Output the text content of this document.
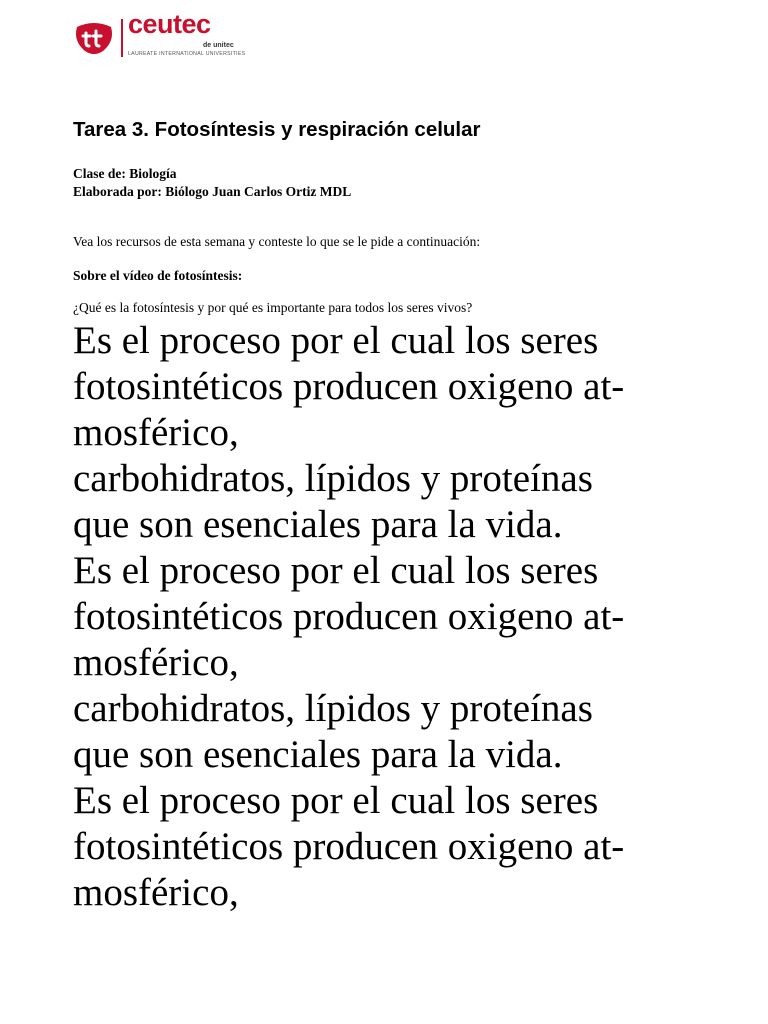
ceutec
de unitec
LAUREATE INTERNATIONAL UNIVERSITIES
Tarea 3. Fotosíntesis y respiración celular
Clase de: Biología
Elaborada por: Biólogo Juan Carlos Ortiz MDL
Vea los recursos de esta semana y conteste lo que se le pide a continuación:
Sobre el vídeo de fotosíntesis:
¿Qué es la fotosíntesis y por qué es importante para todos los seres vivos?
Es el proceso por el cual los seres
fotosintéticos producen oxigeno at-
mosférico,
carbohidratos, lípidos y proteínas
que son esenciales para la vida.
Es el proceso por el cual los seres
fotosintéticos producen oxigeno at-
mosférico,
carbohidratos, lípidos y proteínas
que son esenciales para la vida.
Es el proceso por el cual los seres
fotosintéticos producen oxigeno at-
mosférico,
